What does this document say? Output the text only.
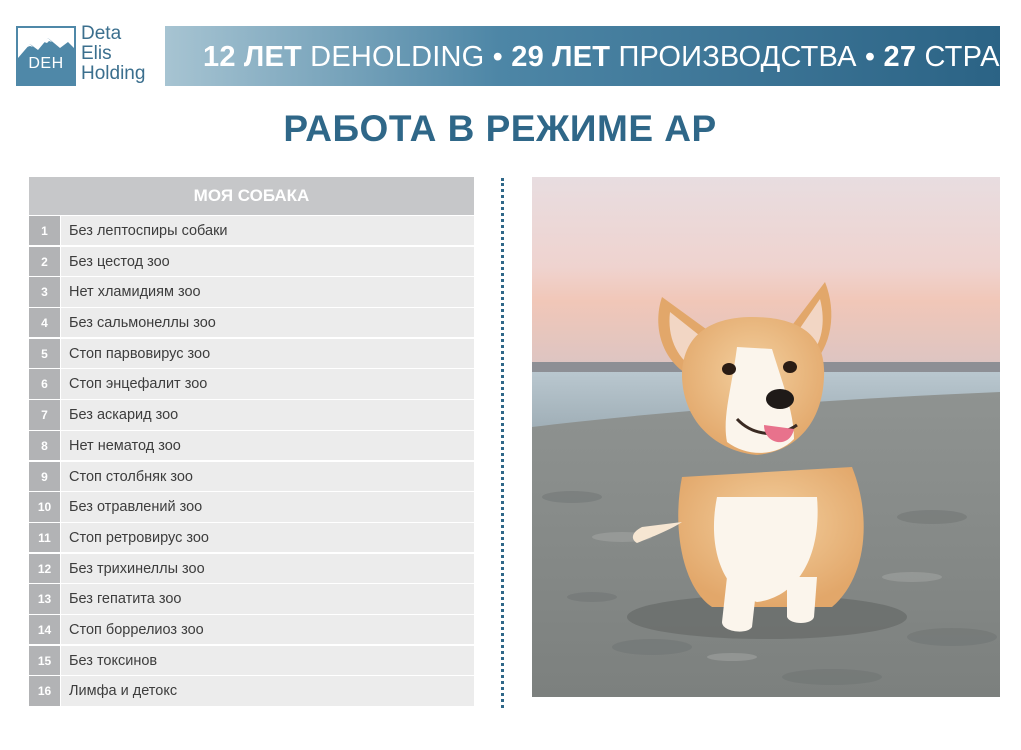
DEH
Deta
Elis
Holding
12 ЛЕТ DEHOLDING • 29 ЛЕТ ПРОИЗВОДСТВА • 27 СТРАН
РАБОТА В РЕЖИМЕ АР
МОЯ СОБАКА
1	Без лептоспиры собаки
2	Без цестод зоо
3	Нет хламидиям зоо
4	Без сальмонеллы зоо
5	Стоп парвовирус зоо
6	Стоп энцефалит зоо
7	Без аскарид зоо
8	Нет нематод зоо
9	Стоп столбняк зоо
10	Без отравлений зоо
11	Стоп ретровирус зоо
12	Без трихинеллы зоо
13	Без гепатита зоо
14	Стоп боррелиоз зоо
15	Без токсинов
16	Лимфа и детокс
